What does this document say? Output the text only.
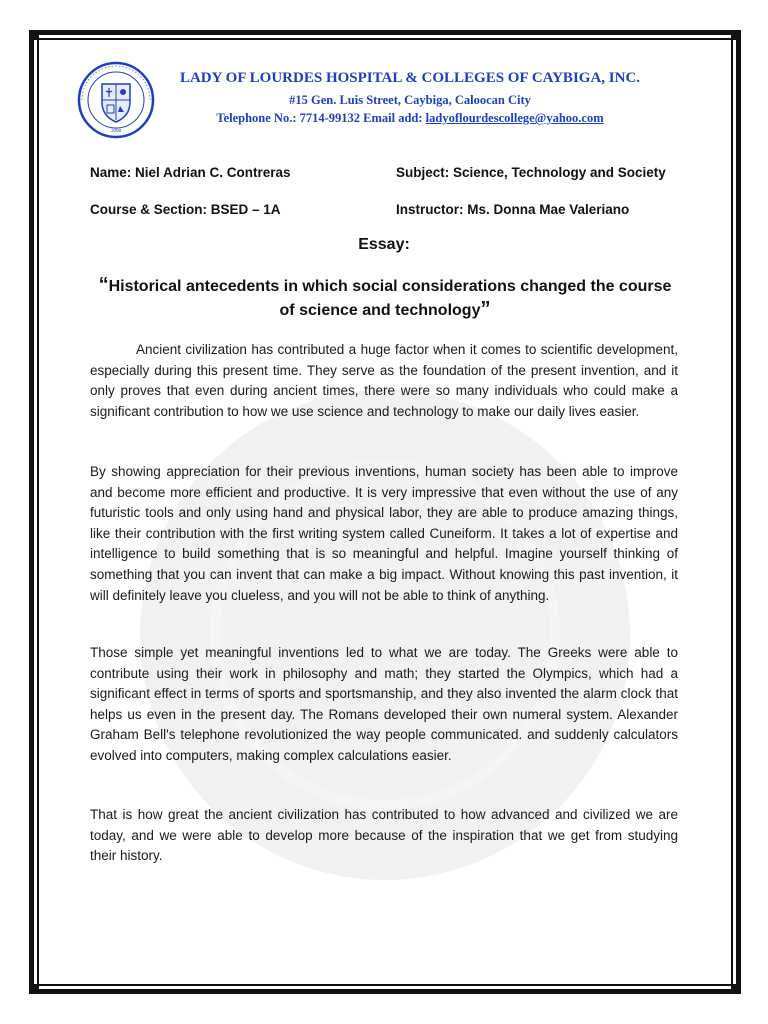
2008
LADY OF LOURDES HOSPITAL & COLLEGES OF CAYBIGA, INC.
#15 Gen. Luis Street, Caybiga, Caloocan City
Telephone No.: 7714-99132 Email add: ladyoflourdescollege@yahoo.com
Name: Niel Adrian C. Contreras	Subject: Science, Technology and Society
Course & Section: BSED – 1A	Instructor: Ms. Donna Mae Valeriano
Essay:
“Historical antecedents in which social considerations changed the course of science and technology”
Ancient civilization has contributed a huge factor when it comes to scientific development, especially during this present time. They serve as the foundation of the present invention, and it only proves that even during ancient times, there were so many individuals who could make a significant contribution to how we use science and technology to make our daily lives easier.
By showing appreciation for their previous inventions, human society has been able to improve and become more efficient and productive. It is very impressive that even without the use of any futuristic tools and only using hand and physical labor, they are able to produce amazing things, like their contribution with the first writing system called Cuneiform. It takes a lot of expertise and intelligence to build something that is so meaningful and helpful. Imagine yourself thinking of something that you can invent that can make a big impact. Without knowing this past invention, it will definitely leave you clueless, and you will not be able to think of anything.
Those simple yet meaningful inventions led to what we are today. The Greeks were able to contribute using their work in philosophy and math; they started the Olympics, which had a significant effect in terms of sports and sportsmanship, and they also invented the alarm clock that helps us even in the present day. The Romans developed their own numeral system. Alexander Graham Bell's telephone revolutionized the way people communicated. and suddenly calculators evolved into computers, making complex calculations easier.
That is how great the ancient civilization has contributed to how advanced and civilized we are today, and we were able to develop more because of the inspiration that we get from studying their history.
